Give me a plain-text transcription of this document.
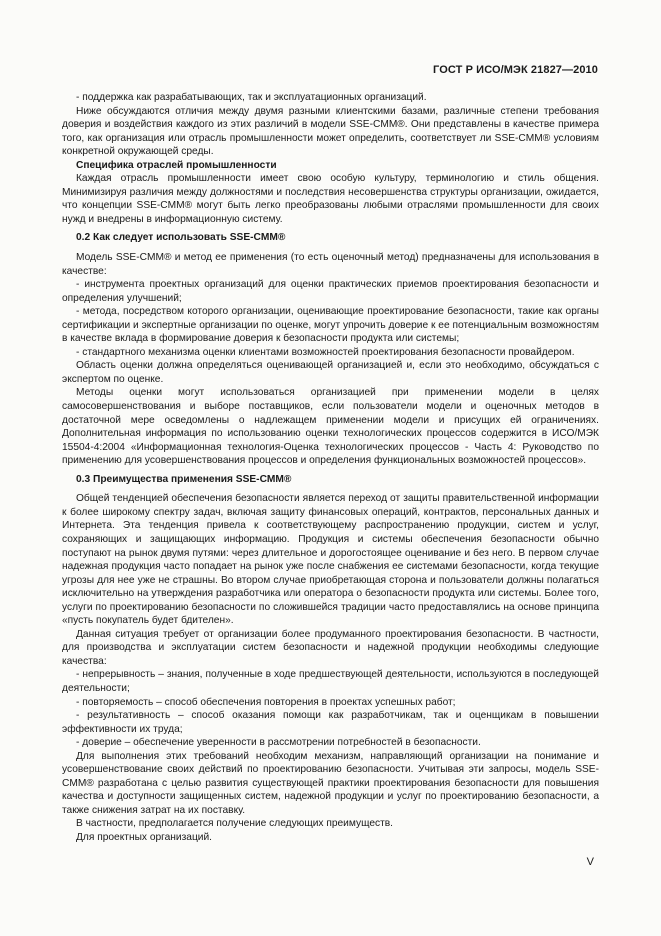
ГОСТ Р ИСО/МЭК 21827—2010

- поддержка как разрабатывающих, так и эксплуатационных организаций.

Ниже обсуждаются отличия между двумя разными клиентскими базами, различные степени требования доверия и воздействия каждого из этих различий в модели SSE-CMM®. Они представлены в качестве примера того, как организация или отрасль промышленности может определить, соответствует ли SSE-CMM® условиям конкретной окружающей среды.

Специфика отраслей промышленности

Каждая отрасль промышленности имеет свою особую культуру, терминологию и стиль общения. Минимизируя различия между должностями и последствия несовершенства структуры организации, ожидается, что концепции SSE-CMM® могут быть легко преобразованы любыми отраслями промышленности для своих нужд и внедрены в информационную систему.

0.2 Как следует использовать SSE-CMM®

Модель SSE-CMM® и метод ее применения (то есть оценочный метод) предназначены для использования в качестве:

- инструмента проектных организаций для оценки практических приемов проектирования безопасности и определения улучшений;

- метода, посредством которого организации, оценивающие проектирование безопасности, такие как органы сертификации и экспертные организации по оценке, могут упрочить доверие к ее потенциальным возможностям в качестве вклада в формирование доверия к безопасности продукта или системы;

- стандартного механизма оценки клиентами возможностей проектирования безопасности провайдером.

Область оценки должна определяться оценивающей организацией и, если это необходимо, обсуждаться с экспертом по оценке.

Методы оценки могут использоваться организацией при применении модели в целях самосовершенствования и выборе поставщиков, если пользователи модели и оценочных методов в достаточной мере осведомлены о надлежащем применении модели и присущих ей ограничениях. Дополнительная информация по использованию оценки технологических процессов содержится в ИСО/МЭК 15504-4:2004 «Информационная технология-Оценка технологических процессов - Часть 4: Руководство по применению для усовершенствования процессов и определения функциональных возможностей процессов».

0.3 Преимущества применения SSE-CMM®

Общей тенденцией обеспечения безопасности является переход от защиты правительственной информации к более широкому спектру задач, включая защиту финансовых операций, контрактов, персональных данных и Интернета. Эта тенденция привела к соответствующему распространению продукции, систем и услуг, сохраняющих и защищающих информацию. Продукция и системы обеспечения безопасности обычно поступают на рынок двумя путями: через длительное и дорогостоящее оценивание и без него. В первом случае надежная продукция часто попадает на рынок уже после снабжения ее системами безопасности, когда текущие угрозы для нее уже не страшны. Во втором случае приобретающая сторона и пользователи должны полагаться исключительно на утверждения разработчика или оператора о безопасности продукта или системы. Более того, услуги по проектированию безопасности по сложившейся традиции часто предоставлялись на основе принципа «пусть покупатель будет бдителен».

Данная ситуация требует от организации более продуманного проектирования безопасности. В частности, для производства и эксплуатации систем безопасности и надежной продукции необходимы следующие качества:

- непрерывность – знания, полученные в ходе предшествующей деятельности, используются в последующей деятельности;

- повторяемость – способ обеспечения повторения в проектах успешных работ;

- результативность – способ оказания помощи как разработчикам, так и оценщикам в повышении эффективности их труда;

- доверие – обеспечение уверенности в рассмотрении потребностей в безопасности.

Для выполнения этих требований необходим механизм, направляющий организации на понимание и усовершенствование своих действий по проектированию безопасности. Учитывая эти запросы, модель SSE-CMM® разработана с целью развития существующей практики проектирования безопасности для повышения качества и доступности защищенных систем, надежной продукции и услуг по проектированию безопасности, а также снижения затрат на их поставку.

В частности, предполагается получение следующих преимуществ.

Для проектных организаций.

V
